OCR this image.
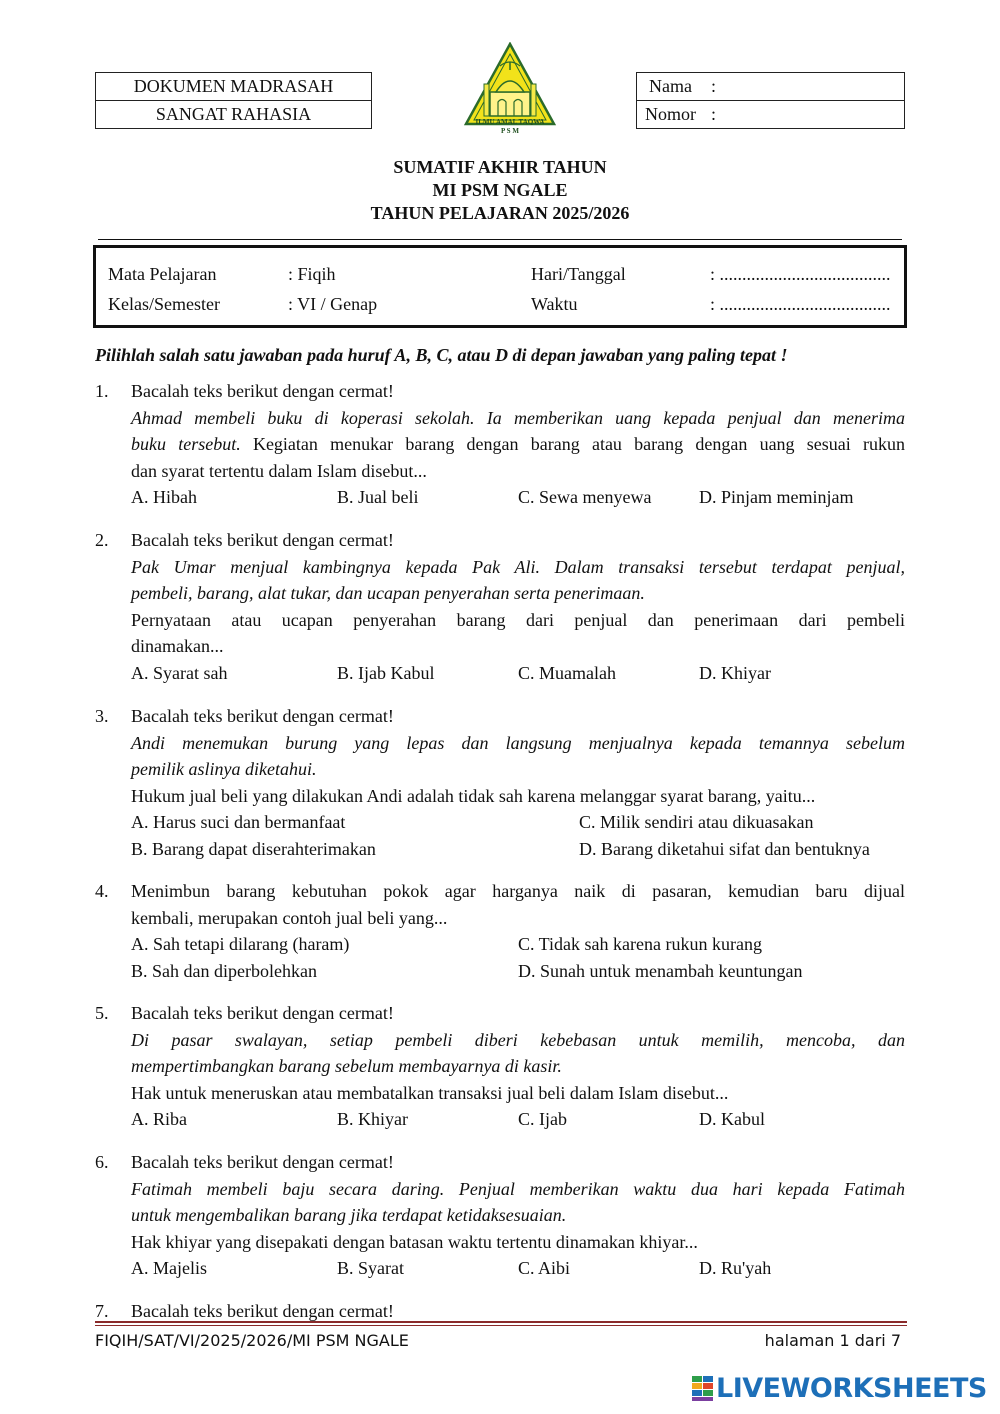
DOKUMEN MADRASAH
SANGAT RAHASIA
Nama :
Nomor :
ILMU AMAL TAQWA
P S M
SUMATIF AKHIR TAHUN
MI PSM NGALE
TAHUN PELAJARAN 2025/2026
Mata Pelajaran	: Fiqih	Hari/Tanggal	: ......................................
Kelas/Semester	: VI / Genap	Waktu	: ......................................
Pilihlah salah satu jawaban pada huruf A, B, C, atau D di depan jawaban yang paling tepat !
1. Bacalah teks berikut dengan cermat!
Ahmad membeli buku di koperasi sekolah. Ia memberikan uang kepada penjual dan menerima
buku tersebut. Kegiatan menukar barang dengan barang atau barang dengan uang sesuai rukun
dan syarat tertentu dalam Islam disebut...
A. Hibah	B. Jual beli	C. Sewa menyewa	D. Pinjam meminjam
2. Bacalah teks berikut dengan cermat!
Pak Umar menjual kambingnya kepada Pak Ali. Dalam transaksi tersebut terdapat penjual,
pembeli, barang, alat tukar, dan ucapan penyerahan serta penerimaan.
Pernyataan atau ucapan penyerahan barang dari penjual dan penerimaan dari pembeli
dinamakan...
A. Syarat sah	B. Ijab Kabul	C. Muamalah	D. Khiyar
3. Bacalah teks berikut dengan cermat!
Andi menemukan burung yang lepas dan langsung menjualnya kepada temannya sebelum
pemilik aslinya diketahui.
Hukum jual beli yang dilakukan Andi adalah tidak sah karena melanggar syarat barang, yaitu...
A. Harus suci dan bermanfaat	C. Milik sendiri atau dikuasakan
B. Barang dapat diserahterimakan	D. Barang diketahui sifat dan bentuknya
4. Menimbun barang kebutuhan pokok agar harganya naik di pasaran, kemudian baru dijual
kembali, merupakan contoh jual beli yang...
A. Sah tetapi dilarang (haram)	C. Tidak sah karena rukun kurang
B. Sah dan diperbolehkan	D. Sunah untuk menambah keuntungan
5. Bacalah teks berikut dengan cermat!
Di pasar swalayan, setiap pembeli diberi kebebasan untuk memilih, mencoba, dan
mempertimbangkan barang sebelum membayarnya di kasir.
Hak untuk meneruskan atau membatalkan transaksi jual beli dalam Islam disebut...
A. Riba	B. Khiyar	C. Ijab	D. Kabul
6. Bacalah teks berikut dengan cermat!
Fatimah membeli baju secara daring. Penjual memberikan waktu dua hari kepada Fatimah
untuk mengembalikan barang jika terdapat ketidaksesuaian.
Hak khiyar yang disepakati dengan batasan waktu tertentu dinamakan khiyar...
A. Majelis	B. Syarat	C. Aibi	D. Ru'yah
7. Bacalah teks berikut dengan cermat!
FIQIH/SAT/VI/2025/2026/MI PSM NGALE	halaman 1 dari 7
LIVEWORKSHEETS
